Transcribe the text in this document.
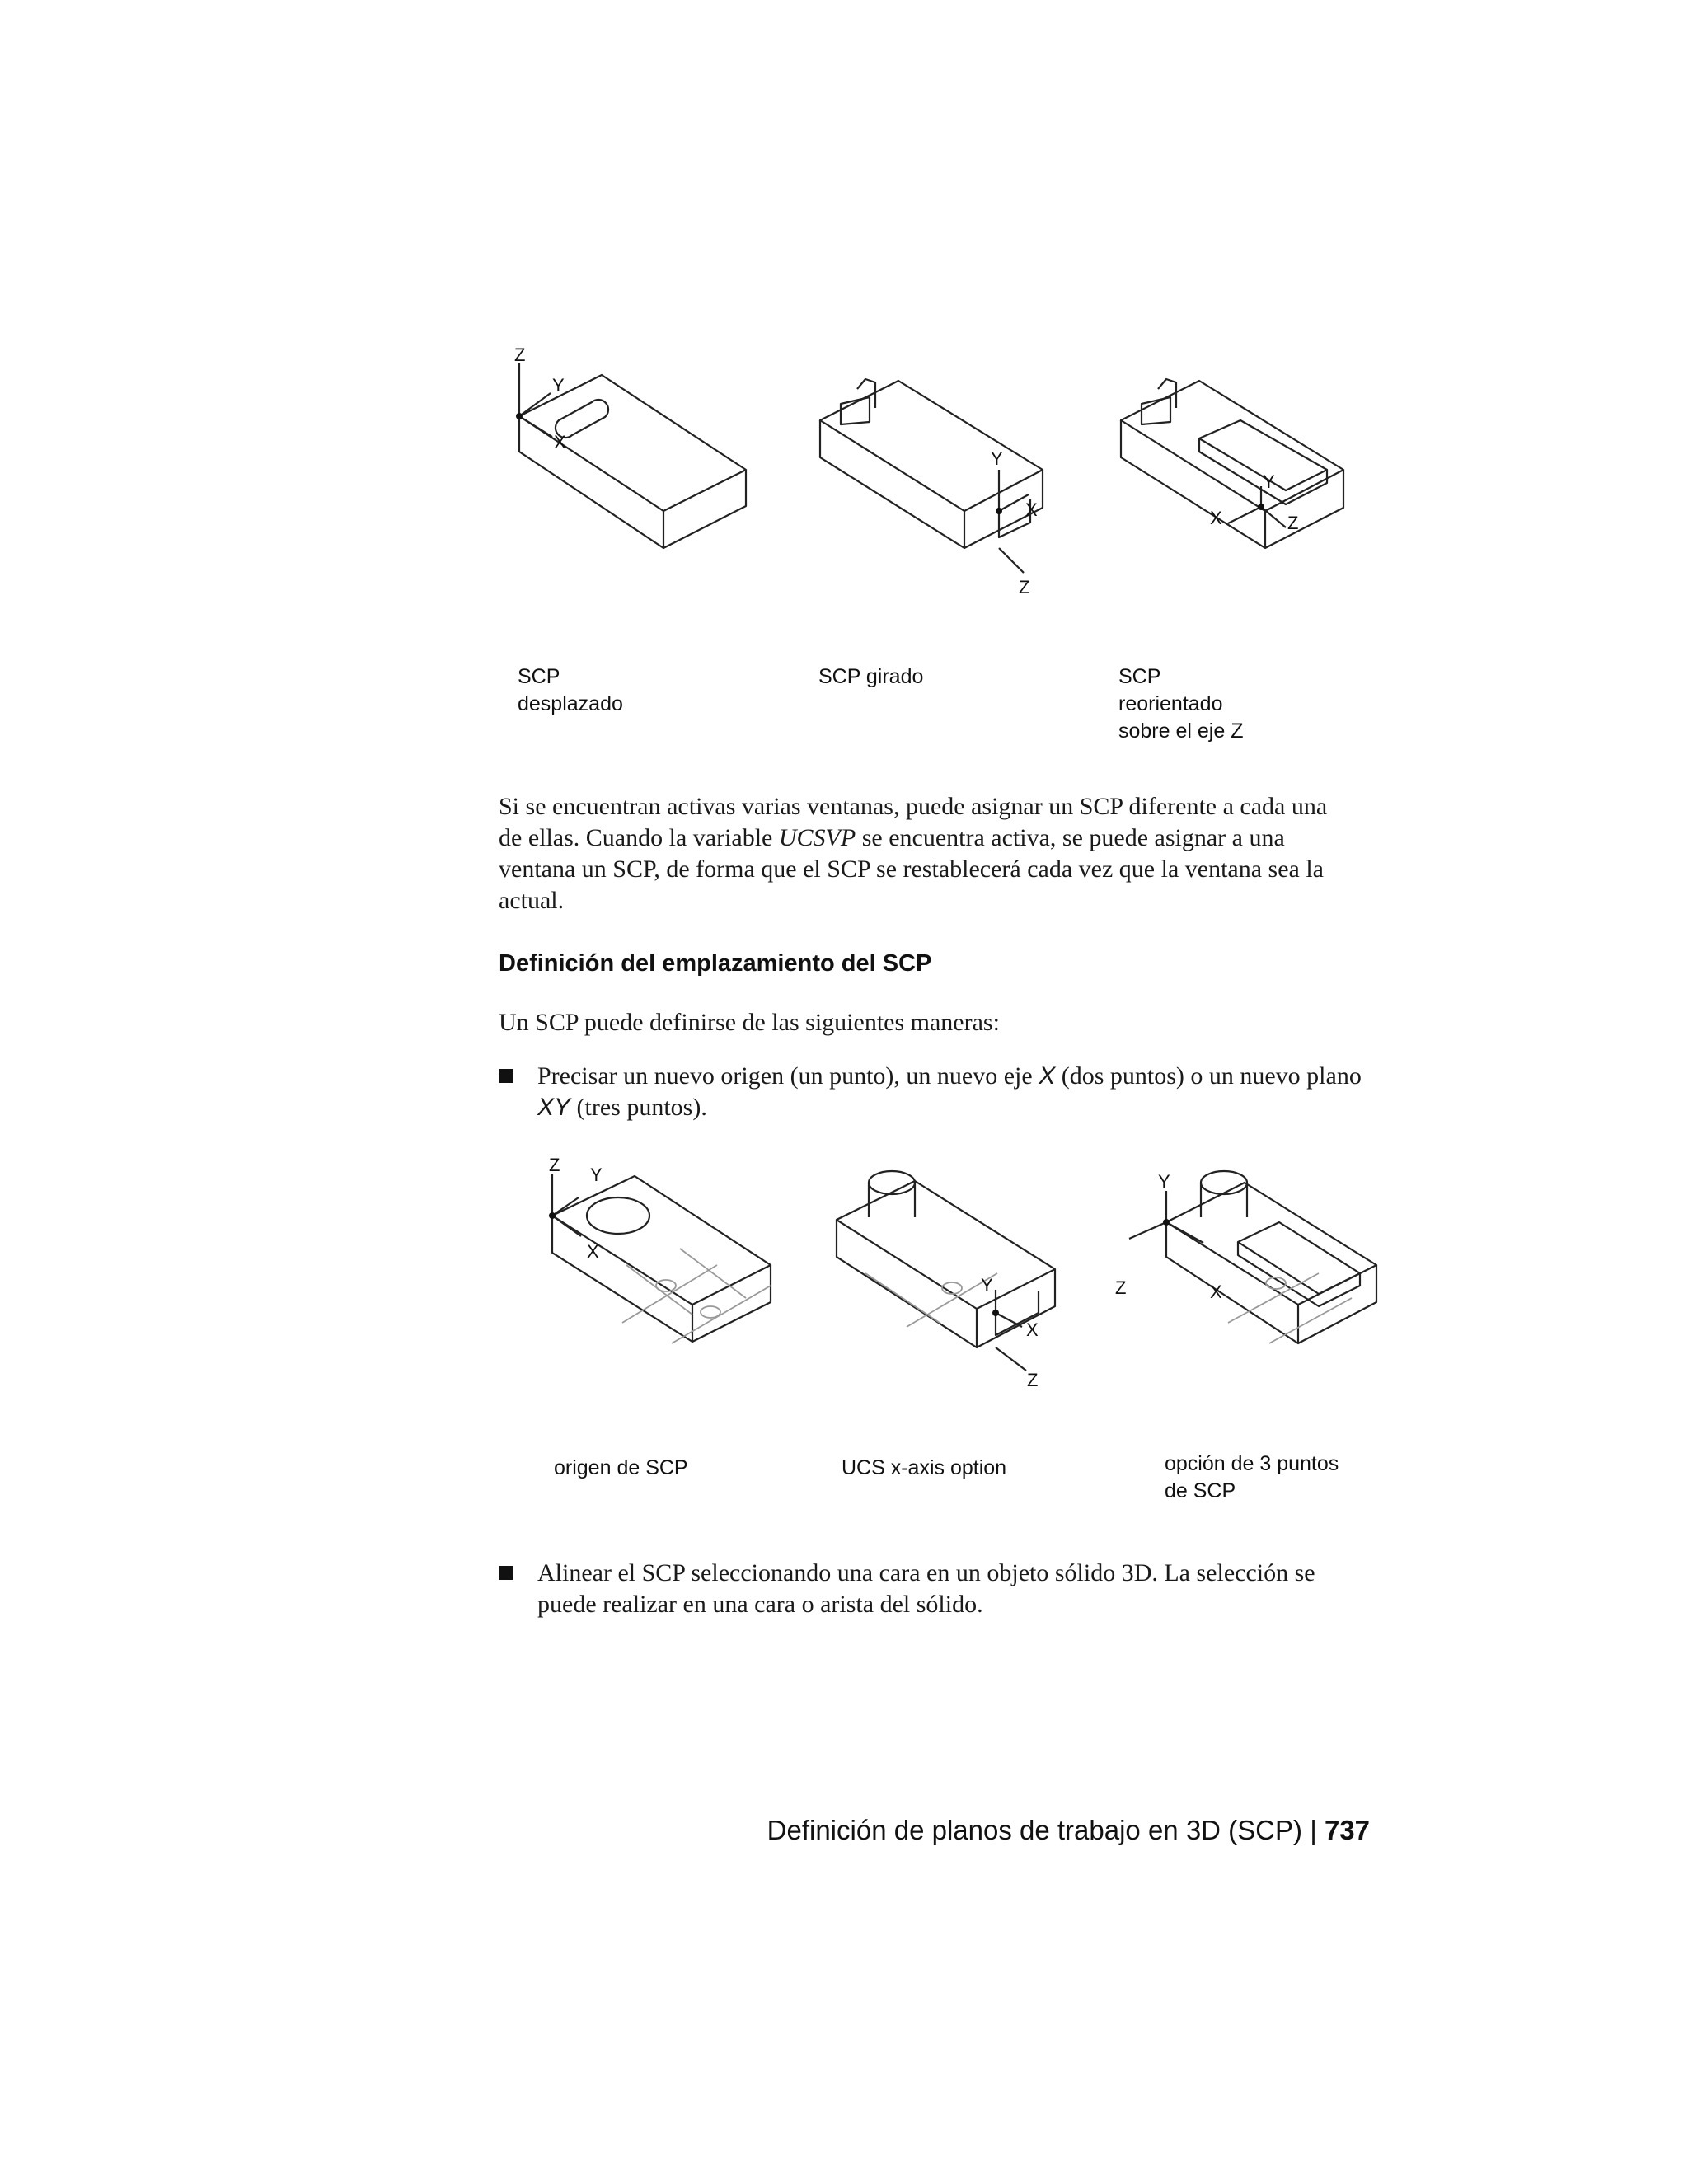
Z
Y
X
Y
X
Z
Y
Z
X

SCP
desplazado

SCP girado	SCP
reorientado
sobre el eje Z

Si se encuentran activas varias ventanas, puede asignar un SCP diferente a cada una de ellas. Cuando la variable UCSVP se encuentra activa, se puede asignar a una ventana un SCP, de forma que el SCP se restablecerá cada vez que la ventana sea la actual.

Definición del emplazamiento del SCP

Un SCP puede definirse de las siguientes maneras:

Precisar un nuevo origen (un punto), un nuevo eje X (dos puntos) o un nuevo plano XY (tres puntos).

Z Y
X
Y
X
Z
Y
Z	X

origen de SCP	UCS x-axis option	opción de 3 puntos
de SCP

Alinear el SCP seleccionando una cara en un objeto sólido 3D. La selección se puede realizar en una cara o arista del sólido.

Definición de planos de trabajo en 3D (SCP) | 737
